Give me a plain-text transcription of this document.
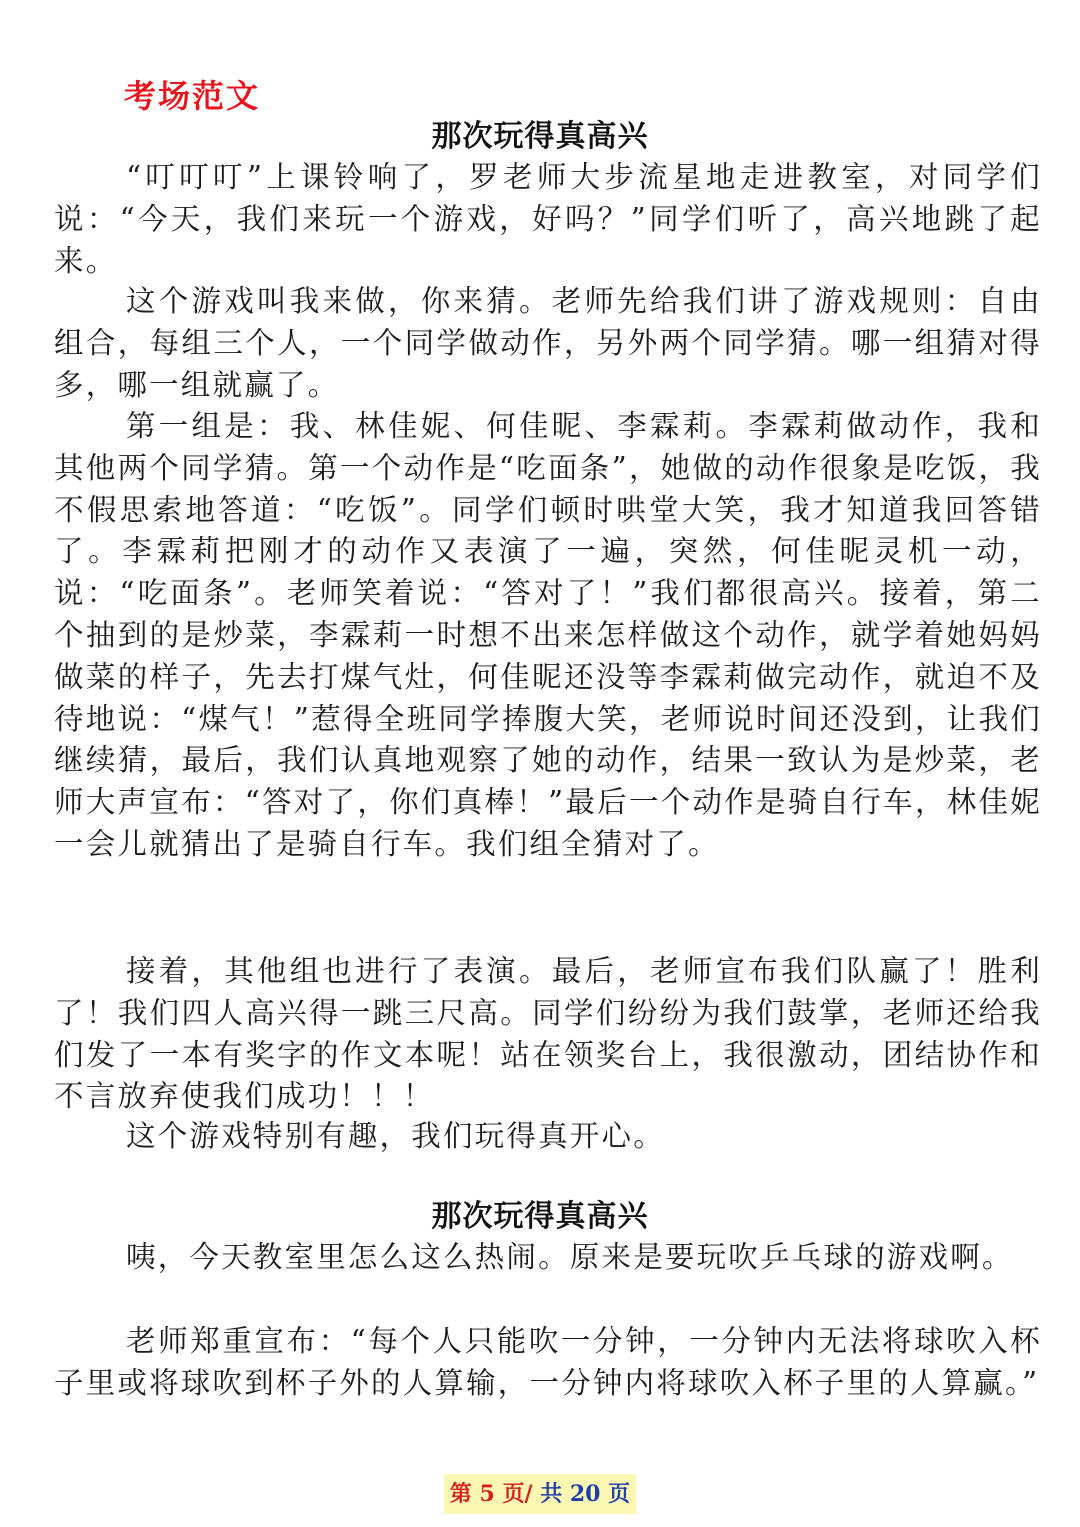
考场范文
那次玩得真高兴

“叮叮叮”上课铃响了，罗老师大步流星地走进教室，对同学们说：“今天，我们来玩一个游戏，好吗？”同学们听了，高兴地跳了起来。

这个游戏叫我来做，你来猜。老师先给我们讲了游戏规则：自由组合，每组三个人，一个同学做动作，另外两个同学猜。哪一组猜对得多，哪一组就赢了。

第一组是：我、林佳妮、何佳昵、李霖莉。李霖莉做动作，我和其他两个同学猜。第一个动作是“吃面条”，她做的动作很象是吃饭，我不假思索地答道：“吃饭”。同学们顿时哄堂大笑，我才知道我回答错了。李霖莉把刚才的动作又表演了一遍，突然，何佳昵灵机一动，说：“吃面条”。老师笑着说：“答对了！”我们都很高兴。接着，第二个抽到的是炒菜，李霖莉一时想不出来怎样做这个动作，就学着她妈妈做菜的样子，先去打煤气灶，何佳昵还没等李霖莉做完动作，就迫不及待地说：“煤气！”惹得全班同学捧腹大笑，老师说时间还没到，让我们继续猜，最后，我们认真地观察了她的动作，结果一致认为是炒菜，老师大声宣布：“答对了，你们真棒！”最后一个动作是骑自行车，林佳妮一会儿就猜出了是骑自行车。我们组全猜对了。

接着，其他组也进行了表演。最后，老师宣布我们队赢了！胜利了！我们四人高兴得一跳三尺高。同学们纷纷为我们鼓掌，老师还给我们发了一本有奖字的作文本呢！站在领奖台上，我很激动，团结协作和不言放弃使我们成功！！！

这个游戏特别有趣，我们玩得真开心。

那次玩得真高兴

咦，今天教室里怎么这么热闹。原来是要玩吹乒乓球的游戏啊。

老师郑重宣布：“每个人只能吹一分钟，一分钟内无法将球吹入杯子里或将球吹到杯子外的人算输，一分钟内将球吹入杯子里的人算赢。”

第 5 页/ 共 20 页
